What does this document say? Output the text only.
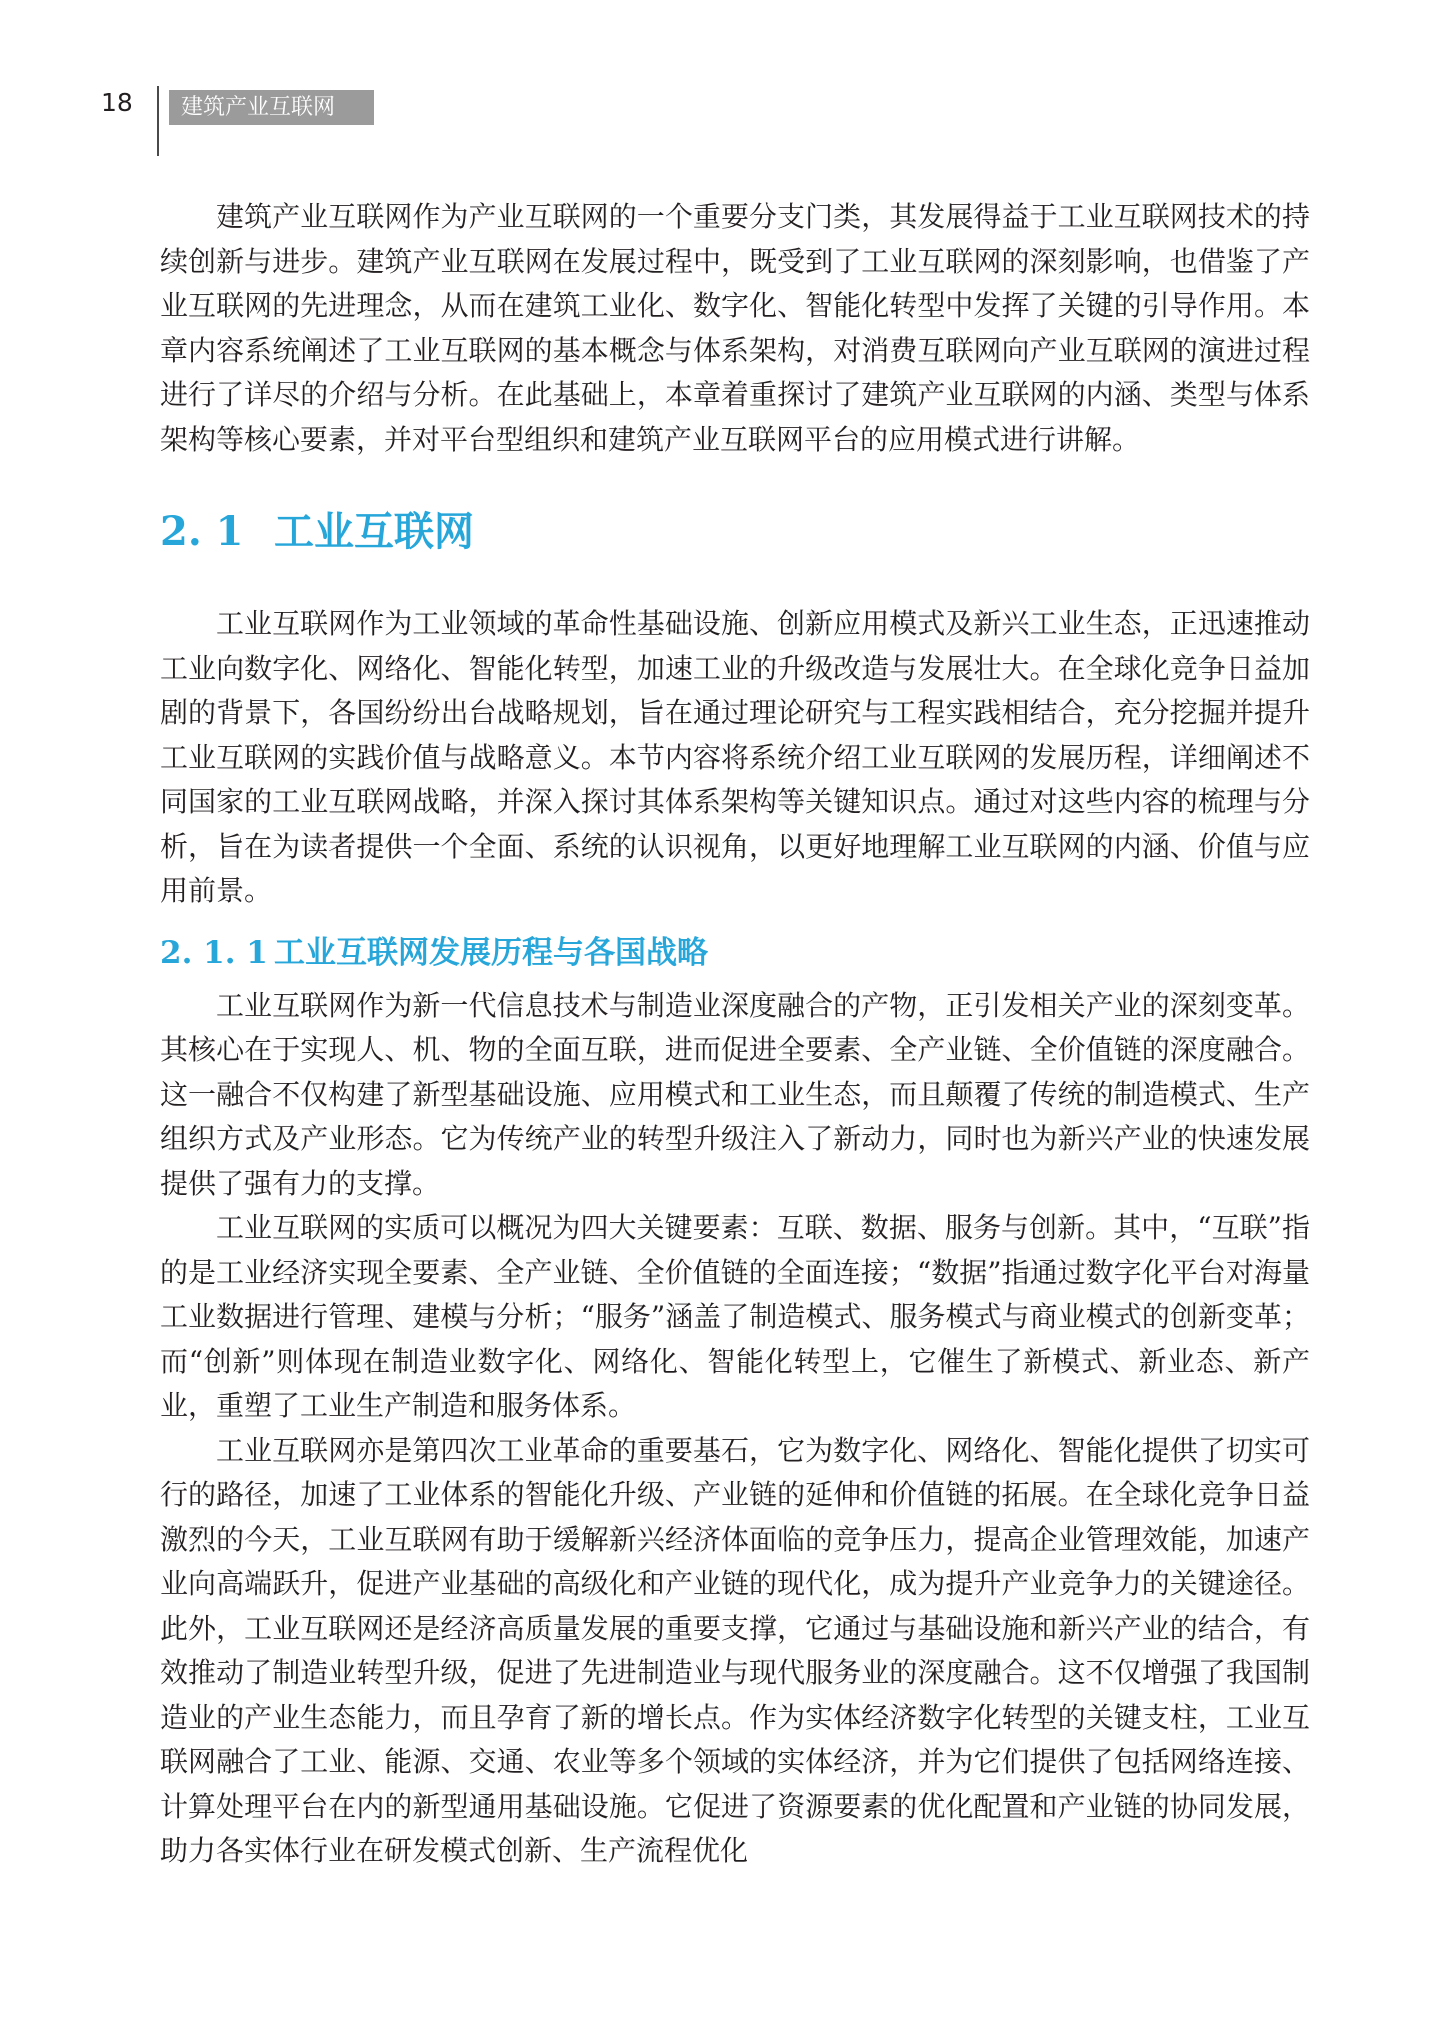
18	建筑产业互联网

建筑产业互联网作为产业互联网的一个重要分支门类，其发展得益于工业互联网技术的持续创新与进步。建筑产业互联网在发展过程中，既受到了工业互联网的深刻影响，也借鉴了产业互联网的先进理念，从而在建筑工业化、数字化、智能化转型中发挥了关键的引导作用。本章内容系统阐述了工业互联网的基本概念与体系架构，对消费互联网向产业互联网的演进过程进行了详尽的介绍与分析。在此基础上，本章着重探讨了建筑产业互联网的内涵、类型与体系架构等核心要素，并对平台型组织和建筑产业互联网平台的应用模式进行讲解。

2. 1 工业互联网

工业互联网作为工业领域的革命性基础设施、创新应用模式及新兴工业生态，正迅速推动工业向数字化、网络化、智能化转型，加速工业的升级改造与发展壮大。在全球化竞争日益加剧的背景下，各国纷纷出台战略规划，旨在通过理论研究与工程实践相结合，充分挖掘并提升工业互联网的实践价值与战略意义。本节内容将系统介绍工业互联网的发展历程，详细阐述不同国家的工业互联网战略，并深入探讨其体系架构等关键知识点。通过对这些内容的梳理与分析，旨在为读者提供一个全面、系统的认识视角，以更好地理解工业互联网的内涵、价值与应用前景。

2. 1. 1 工业互联网发展历程与各国战略

工业互联网作为新一代信息技术与制造业深度融合的产物，正引发相关产业的深刻变革。其核心在于实现人、机、物的全面互联，进而促进全要素、全产业链、全价值链的深度融合。这一融合不仅构建了新型基础设施、应用模式和工业生态，而且颠覆了传统的制造模式、生产组织方式及产业形态。它为传统产业的转型升级注入了新动力，同时也为新兴产业的快速发展提供了强有力的支撑。

工业互联网的实质可以概况为四大关键要素：互联、数据、服务与创新。其中，“互联”指的是工业经济实现全要素、全产业链、全价值链的全面连接；“数据”指通过数字化平台对海量工业数据进行管理、建模与分析；“服务”涵盖了制造模式、服务模式与商业模式的创新变革；而“创新”则体现在制造业数字化、网络化、智能化转型上，它催生了新模式、新业态、新产业，重塑了工业生产制造和服务体系。

工业互联网亦是第四次工业革命的重要基石，它为数字化、网络化、智能化提供了切实可行的路径，加速了工业体系的智能化升级、产业链的延伸和价值链的拓展。在全球化竞争日益激烈的今天，工业互联网有助于缓解新兴经济体面临的竞争压力，提高企业管理效能，加速产业向高端跃升，促进产业基础的高级化和产业链的现代化，成为提升产业竞争力的关键途径。此外，工业互联网还是经济高质量发展的重要支撑，它通过与基础设施和新兴产业的结合，有效推动了制造业转型升级，促进了先进制造业与现代服务业的深度融合。这不仅增强了我国制造业的产业生态能力，而且孕育了新的增长点。作为实体经济数字化转型的关键支柱，工业互联网融合了工业、能源、交通、农业等多个领域的实体经济，并为它们提供了包括网络连接、计算处理平台在内的新型通用基础设施。它促进了资源要素的优化配置和产业链的协同发展，助力各实体行业在研发模式创新、生产流程优化
